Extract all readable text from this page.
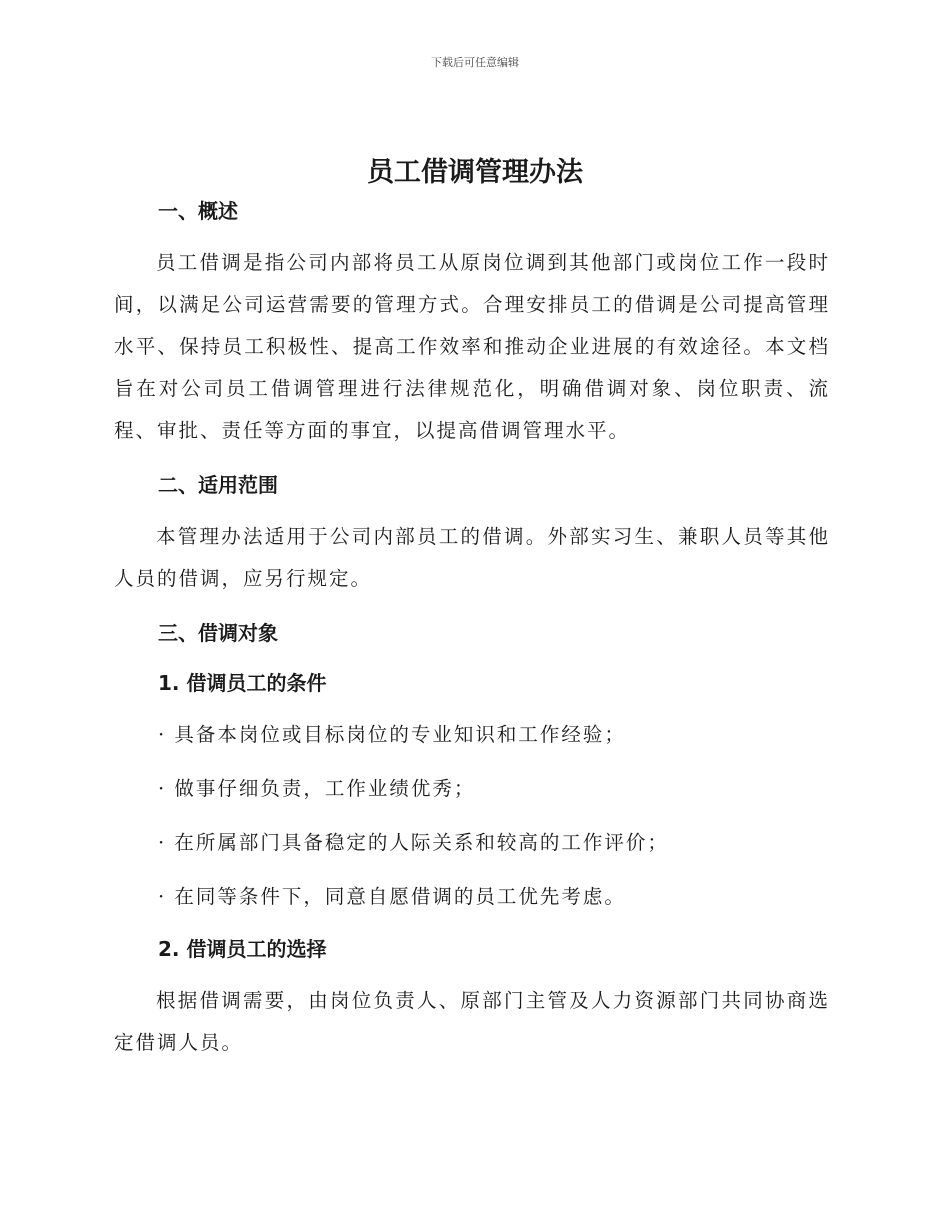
下载后可任意编辑
员工借调管理办法
一、概述

员工借调是指公司内部将员工从原岗位调到其他部门或岗位工作一段时间，以满足公司运营需要的管理方式。合理安排员工的借调是公司提高管理水平、保持员工积极性、提高工作效率和推动企业进展的有效途径。本文档旨在对公司员工借调管理进行法律规范化，明确借调对象、岗位职责、流程、审批、责任等方面的事宜，以提高借调管理水平。

二、适用范围

本管理办法适用于公司内部员工的借调。外部实习生、兼职人员等其他人员的借调，应另行规定。

三、借调对象
1. 借调员工的条件

· 具备本岗位或目标岗位的专业知识和工作经验；

· 做事仔细负责，工作业绩优秀；

· 在所属部门具备稳定的人际关系和较高的工作评价；

· 在同等条件下，同意自愿借调的员工优先考虑。

2. 借调员工的选择

根据借调需要，由岗位负责人、原部门主管及人力资源部门共同协商选定借调人员。
